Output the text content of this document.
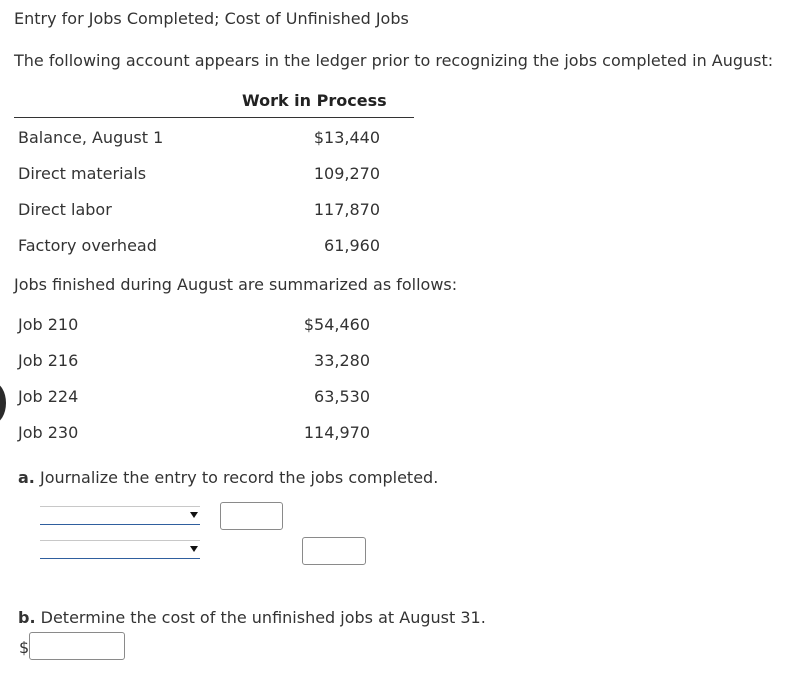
Entry for Jobs Completed; Cost of Unfinished Jobs
The following account appears in the ledger prior to recognizing the jobs completed in August:
Work in Process
Balance, August 1	$13,440
Direct materials	109,270
Direct labor	117,870
Factory overhead	61,960
Jobs finished during August are summarized as follows:
Job 210	$54,460
Job 216	33,280
Job 224	63,530
Job 230	114,970
a. Journalize the entry to record the jobs completed.
b. Determine the cost of the unfinished jobs at August 31.
$
